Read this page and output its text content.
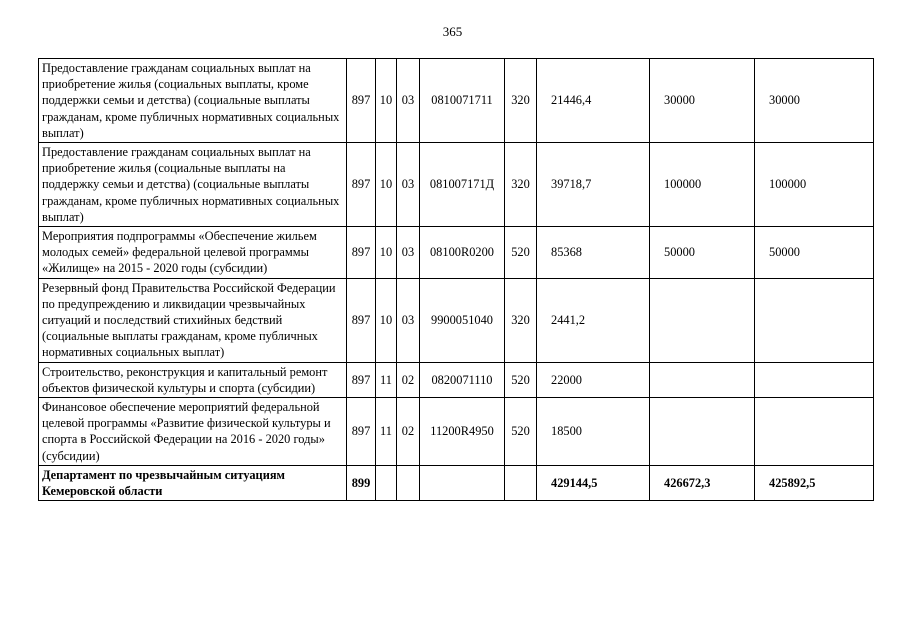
365
Предоставление гражданам социальных выплат на приобретение жилья (социальных выплаты, кроме поддержки семьи и детства) (социальные выплаты гражданам, кроме публичных нормативных социальных выплат)	897	10	03	0810071711	320	21446,4	30000	30000
Предоставление гражданам социальных выплат на приобретение жилья (социальные выплаты на поддержку семьи и детства) (социальные выплаты гражданам, кроме публичных нормативных социальных выплат)	897	10	03	081007171Д	320	39718,7	100000	100000
Мероприятия подпрограммы «Обеспечение жильем молодых семей» федеральной целевой программы «Жилище» на 2015 - 2020 годы (субсидии)	897	10	03	08100R0200	520	85368	50000	50000
Резервный фонд Правительства Российской Федерации по предупреждению и ликвидации чрезвычайных ситуаций и последствий стихийных бедствий (социальные выплаты гражданам, кроме публичных нормативных социальных выплат)	897	10	03	9900051040	320	2441,2		
Строительство, реконструкция и капитальный ремонт объектов физической культуры и спорта (субсидии)	897	11	02	0820071110	520	22000		
Финансовое обеспечение мероприятий федеральной целевой программы «Развитие физической культуры и спорта в Российской Федерации на 2016 - 2020 годы» (субсидии)	897	11	02	11200R4950	520	18500		
Департамент по чрезвычайным ситуациям Кемеровской области	899					429144,5	426672,3	425892,5
